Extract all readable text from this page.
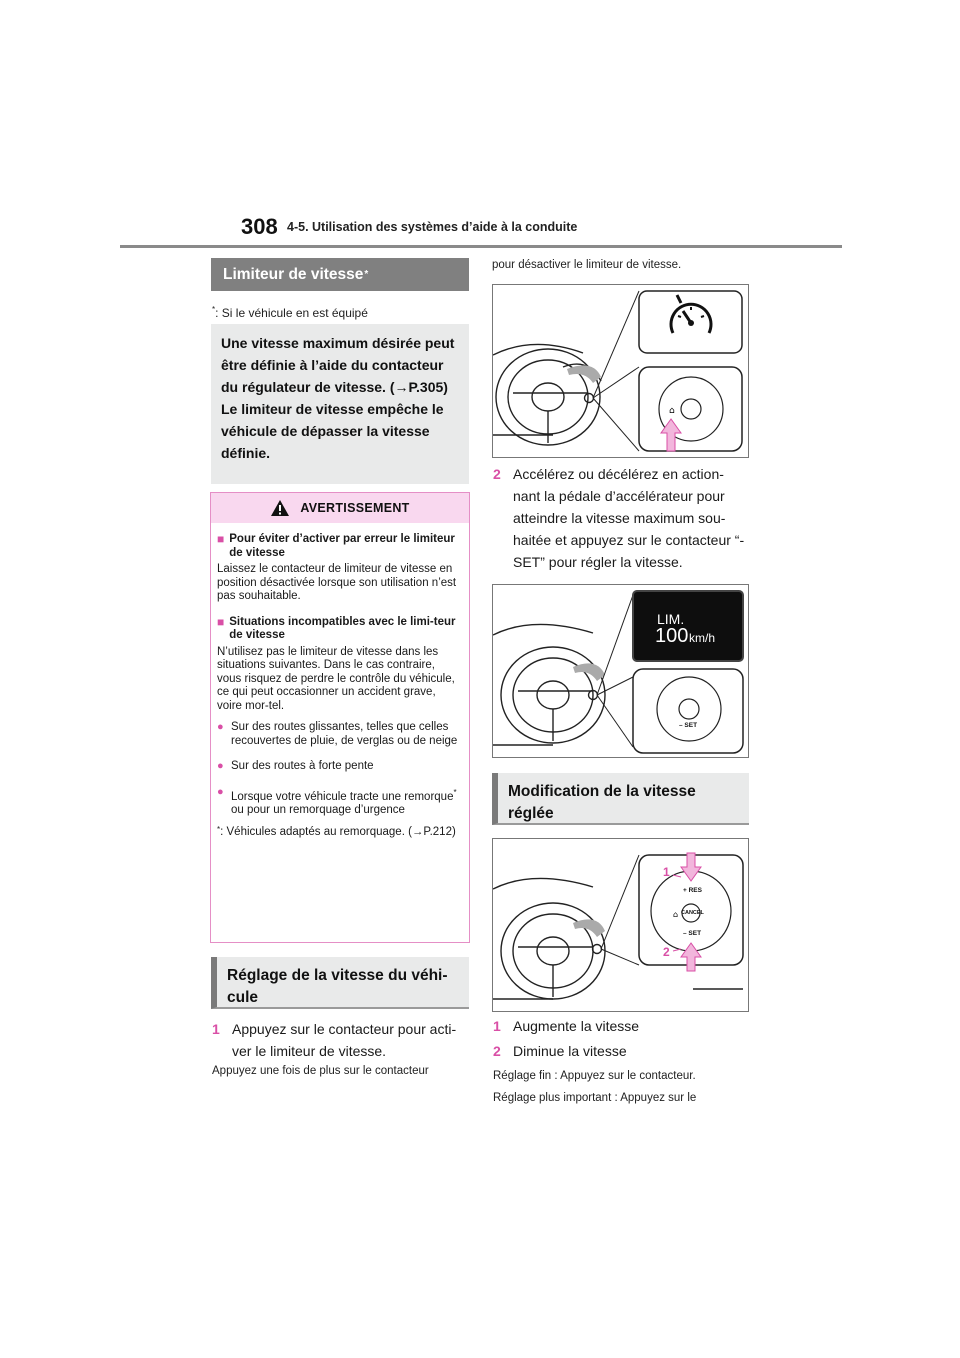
308 4-5. Utilisation des systèmes d’aide à la conduite
Limiteur de vitesse *
*: Si le véhicule en est équipé
Une vitesse maximum désirée peut être définie à l’aide du contacteur du régulateur de vitesse. (→P.305) Le limiteur de vitesse empêche le véhicule de dépasser la vitesse définie.
AVERTISSEMENT
■ Pour éviter d’activer par erreur le limiteur de vitesse
Laissez le contacteur de limiteur de vitesse en position désactivée lorsque son utilisation n’est pas souhaitable.
■ Situations incompatibles avec le limi-teur de vitesse
N’utilisez pas le limiteur de vitesse dans les situations suivantes. Dans le cas contraire, vous risquez de perdre le contrôle du véhicule, ce qui peut occasionner un accident grave, voire mor-tel.
● Sur des routes glissantes, telles que celles recouvertes de pluie, de verglas ou de neige
● Sur des routes à forte pente
● Lorsque votre véhicule tracte une remorque* ou pour un remorquage d’urgence
* : Véhicules adaptés au remorquage. (→P.212)
Réglage de la vitesse du véhi-cule
1 Appuyez sur le contacteur pour acti-ver le limiteur de vitesse.
Appuyez une fois de plus sur le contacteur
pour désactiver le limiteur de vitesse.
⌂
2 Accélérez ou décélérez en action-nant la pédale d’accélérateur pour atteindre la vitesse maximum sou-haitée et appuyez sur le contacteur “-SET” pour régler la vitesse.
LIM.
100 km/h
– SET
Modification de la vitesse réglée
⌂
+ RES
CANCEL
– SET
1
2
1 Augmente la vitesse
2 Diminue la vitesse
Réglage fin : Appuyez sur le contacteur.
Réglage plus important : Appuyez sur le
